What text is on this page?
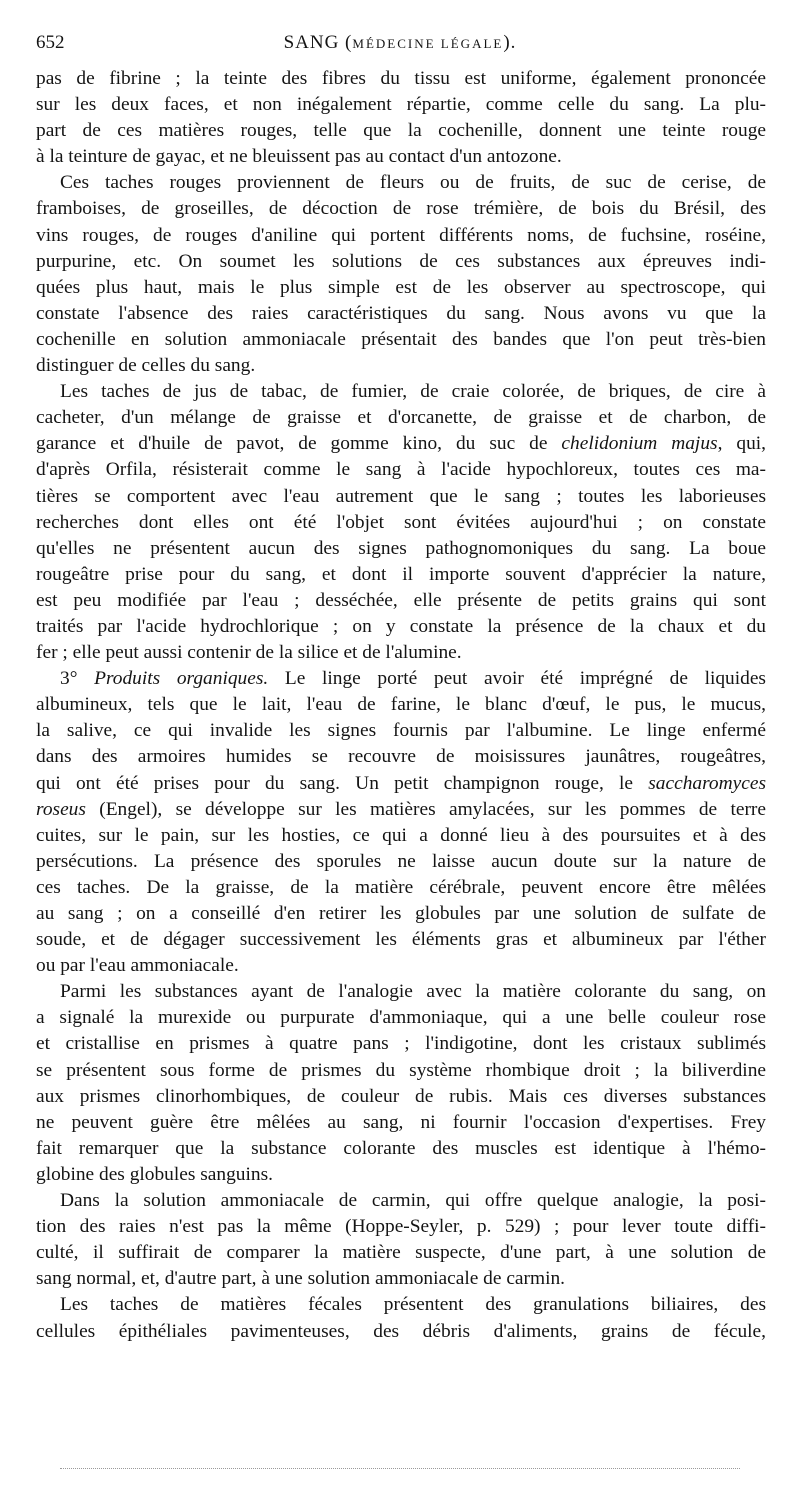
652	SANG (MÉDECINE LÉGALE).
pas de fibrine ; la teinte des fibres du tissu est uniforme, également prononcée
sur les deux faces, et non inégalement répartie, comme celle du sang. La plu-
part de ces matières rouges, telle que la cochenille, donnent une teinte rouge
à la teinture de gayac, et ne bleuissent pas au contact d'un antozone.
Ces taches rouges proviennent de fleurs ou de fruits, de suc de cerise, de
framboises, de groseilles, de décoction de rose trémière, de bois du Brésil, des
vins rouges, de rouges d'aniline qui portent différents noms, de fuchsine, roséine,
purpurine, etc. On soumet les solutions de ces substances aux épreuves indi-
quées plus haut, mais le plus simple est de les observer au spectroscope, qui
constate l'absence des raies caractéristiques du sang. Nous avons vu que la
cochenille en solution ammoniacale présentait des bandes que l'on peut très-bien
distinguer de celles du sang.
Les taches de jus de tabac, de fumier, de craie colorée, de briques, de cire à
cacheter, d'un mélange de graisse et d'orcanette, de graisse et de charbon, de
garance et d'huile de pavot, de gomme kino, du suc de chelidonium majus, qui,
d'après Orfila, résisterait comme le sang à l'acide hypochloreux, toutes ces ma-
tières se comportent avec l'eau autrement que le sang ; toutes les laborieuses
recherches dont elles ont été l'objet sont évitées aujourd'hui ; on constate
qu'elles ne présentent aucun des signes pathognomoniques du sang. La boue
rougeâtre prise pour du sang, et dont il importe souvent d'apprécier la nature,
est peu modifiée par l'eau ; desséchée, elle présente de petits grains qui sont
traités par l'acide hydrochlorique ; on y constate la présence de la chaux et du
fer ; elle peut aussi contenir de la silice et de l'alumine.
3° Produits organiques. Le linge porté peut avoir été imprégné de liquides
albumineux, tels que le lait, l'eau de farine, le blanc d'œuf, le pus, le mucus,
la salive, ce qui invalide les signes fournis par l'albumine. Le linge enfermé
dans des armoires humides se recouvre de moisissures jaunâtres, rougeâtres,
qui ont été prises pour du sang. Un petit champignon rouge, le saccharomyces
roseus (Engel), se développe sur les matières amylacées, sur les pommes de terre
cuites, sur le pain, sur les hosties, ce qui a donné lieu à des poursuites et à des
persécutions. La présence des sporules ne laisse aucun doute sur la nature de
ces taches. De la graisse, de la matière cérébrale, peuvent encore être mêlées
au sang ; on a conseillé d'en retirer les globules par une solution de sulfate de
soude, et de dégager successivement les éléments gras et albumineux par l'éther
ou par l'eau ammoniacale.
Parmi les substances ayant de l'analogie avec la matière colorante du sang, on
a signalé la murexide ou purpurate d'ammoniaque, qui a une belle couleur rose
et cristallise en prismes à quatre pans ; l'indigotine, dont les cristaux sublimés
se présentent sous forme de prismes du système rhombique droit ; la biliverdine
aux prismes clinorhombiques, de couleur de rubis. Mais ces diverses substances
ne peuvent guère être mêlées au sang, ni fournir l'occasion d'expertises. Frey
fait remarquer que la substance colorante des muscles est identique à l'hémo-
globine des globules sanguins.
Dans la solution ammoniacale de carmin, qui offre quelque analogie, la posi-
tion des raies n'est pas la même (Hoppe-Seyler, p. 529) ; pour lever toute diffi-
culté, il suffirait de comparer la matière suspecte, d'une part, à une solution de
sang normal, et, d'autre part, à une solution ammoniacale de carmin.
Les taches de matières fécales présentent des granulations biliaires, des
cellules épithéliales pavimenteuses, des débris d'aliments, grains de fécule,
